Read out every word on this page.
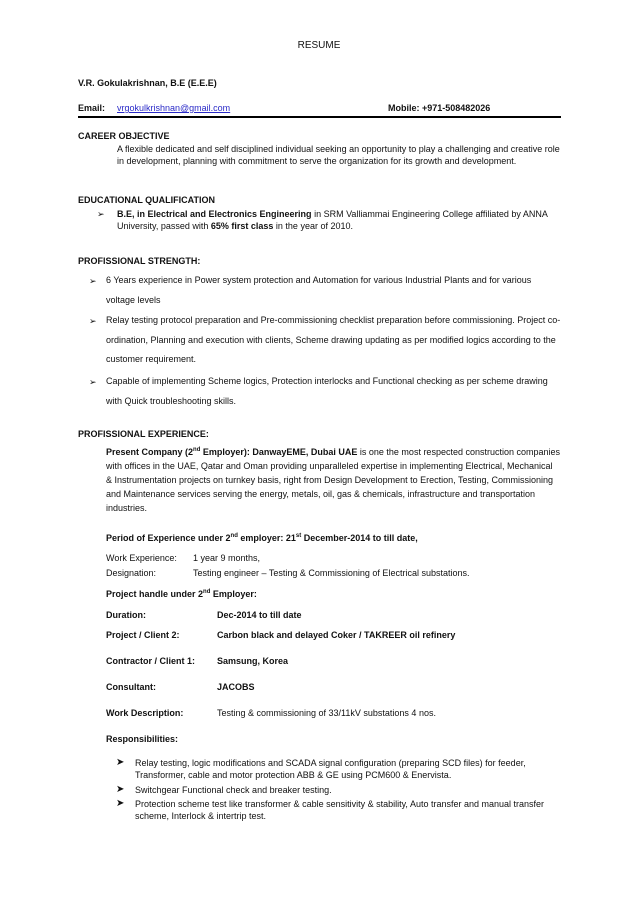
RESUME
V.R. Gokulakrishnan, B.E (E.E.E)
Email: vrgokulkrishnan@gmail.com	Mobile: +971-508482026
CAREER OBJECTIVE
A flexible dedicated and self disciplined individual seeking an opportunity to play a challenging and creative role in development, planning with commitment to serve the organization for its growth and development.
EDUCATIONAL QUALIFICATION
➢ B.E, in Electrical and Electronics Engineering in SRM Valliammai Engineering College affiliated by ANNA University, passed with 65% first class in the year of 2010.
PROFISSIONAL STRENGTH:
➢ 6 Years experience in Power system protection and Automation for various Industrial Plants and for various voltage levels
➢ Relay testing protocol preparation and Pre-commissioning checklist preparation before commissioning. Project co-ordination, Planning and execution with clients, Scheme drawing updating as per modified logics according to the customer requirement.
➢ Capable of implementing Scheme logics, Protection interlocks and Functional checking as per scheme drawing with Quick troubleshooting skills.
PROFISSIONAL EXPERIENCE:
Present Company (2nd Employer): DanwayEME, Dubai UAE is one the most respected construction companies with offices in the UAE, Qatar and Oman providing unparalleled expertise in implementing Electrical, Mechanical & Instrumentation projects on turnkey basis, right from Design Development to Erection, Testing, Commissioning and Maintenance services serving the energy, metals, oil, gas & chemicals, infrastructure and transportation industries.
Period of Experience under 2nd employer: 21st December-2014 to till date,
Work Experience: 1 year 9 months,
Designation:	Testing engineer – Testing & Commissioning of Electrical substations.
Project handle under 2nd Employer:
Duration:	Dec-2014 to till date
Project / Client 2:	Carbon black and delayed Coker / TAKREER oil refinery
Contractor / Client 1: Samsung, Korea
Consultant:	JACOBS
Work Description:	Testing & commissioning of 33/11kV substations 4 nos.
Responsibilities:
➤ Relay testing, logic modifications and SCADA signal configuration (preparing SCD files) for feeder, Transformer, cable and motor protection ABB & GE using PCM600 & Enervista.
➤ Switchgear Functional check and breaker testing.
➤ Protection scheme test like transformer & cable sensitivity & stability, Auto transfer and manual transfer scheme, Interlock & intertrip test.
